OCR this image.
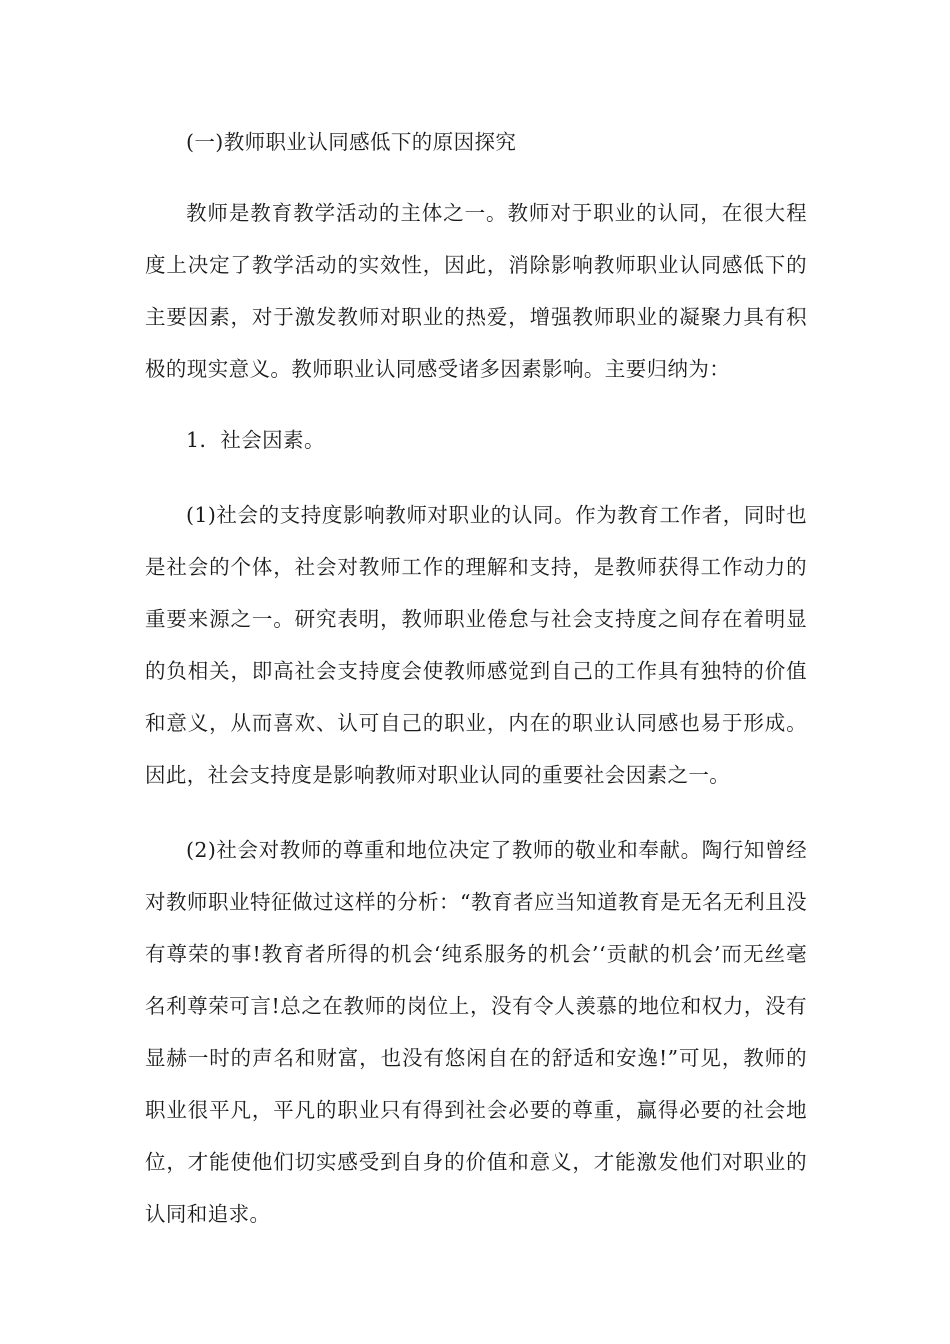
(一)教师职业认同感低下的原因探究

教师是教育教学活动的主体之一。教师对于职业的认同，在很大程度上决定了教学活动的实效性，因此，消除影响教师职业认同感低下的主要因素，对于激发教师对职业的热爱，增强教师职业的凝聚力具有积极的现实意义。教师职业认同感受诸多因素影响。主要归纳为：

1．社会因素。

(1)社会的支持度影响教师对职业的认同。作为教育工作者，同时也是社会的个体，社会对教师工作的理解和支持，是教师获得工作动力的重要来源之一。研究表明，教师职业倦怠与社会支持度之间存在着明显的负相关，即高社会支持度会使教师感觉到自己的工作具有独特的价值和意义，从而喜欢、认可自己的职业，内在的职业认同感也易于形成。因此，社会支持度是影响教师对职业认同的重要社会因素之一。

(2)社会对教师的尊重和地位决定了教师的敬业和奉献。陶行知曾经对教师职业特征做过这样的分析：“教育者应当知道教育是无名无利且没有尊荣的事!教育者所得的机会‘纯系服务的机会’‘贡献的机会’而无丝毫名利尊荣可言!总之在教师的岗位上，没有令人羡慕的地位和权力，没有显赫一时的声名和财富，也没有悠闲自在的舒适和安逸!”可见，教师的职业很平凡，平凡的职业只有得到社会必要的尊重，赢得必要的社会地位，才能使他们切实感受到自身的价值和意义，才能激发他们对职业的认同和追求。
